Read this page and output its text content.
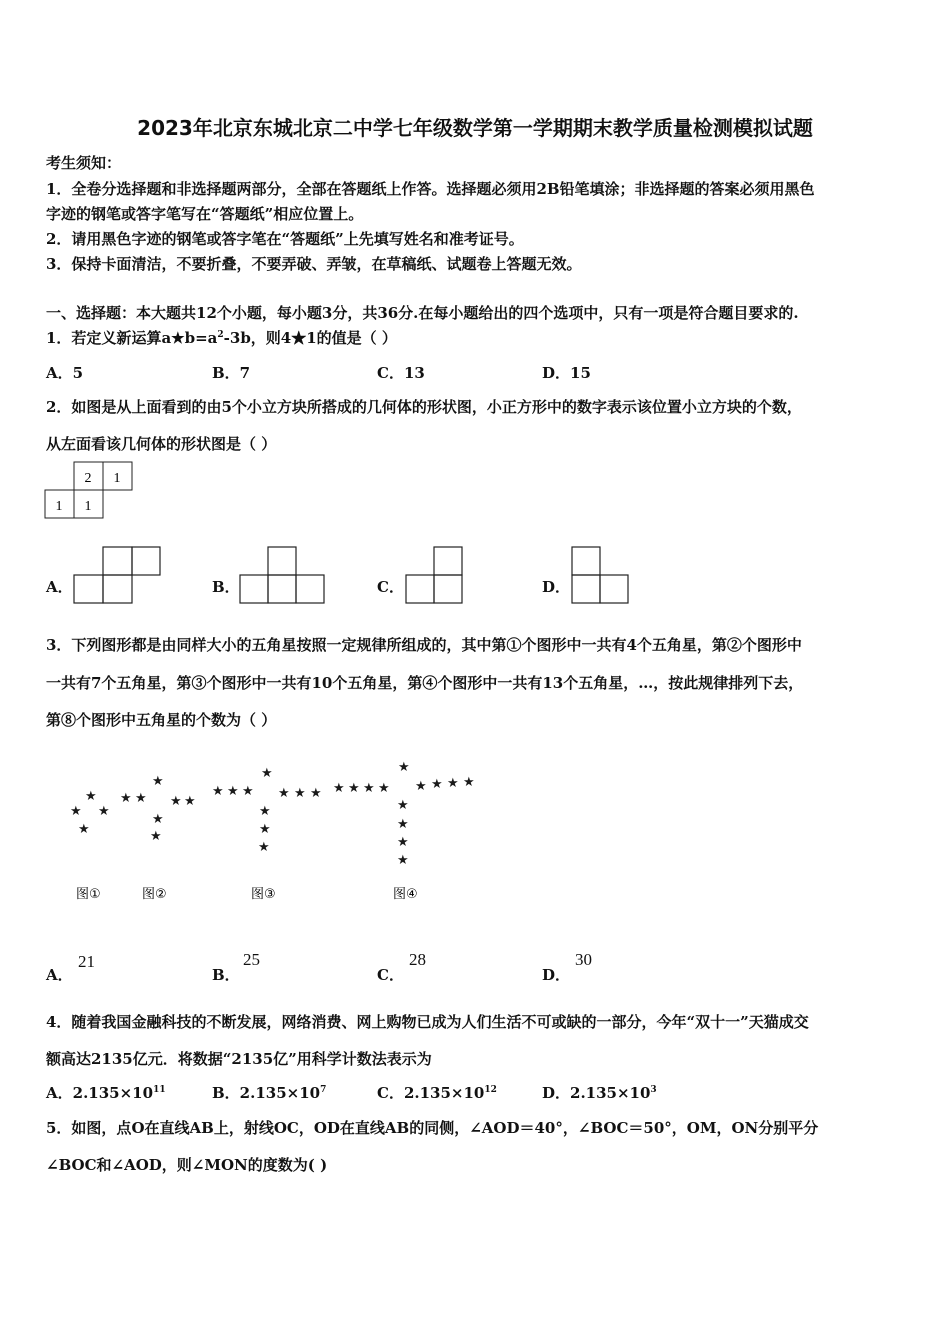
2023年北京东城北京二中学七年级数学第一学期期末教学质量检测模拟试题
考生须知：
1．全卷分选择题和非选择题两部分，全部在答题纸上作答。选择题必须用2B铅笔填涂；非选择题的答案必须用黑色
字迹的钢笔或答字笔写在“答题纸”相应位置上。
2．请用黑色字迹的钢笔或答字笔在“答题纸”上先填写姓名和准考证号。
3．保持卡面清洁，不要折叠，不要弄破、弄皱，在草稿纸、试题卷上答题无效。
一、选择题：本大题共12个小题，每小题3分，共36分.在每小题给出的四个选项中，只有一项是符合题目要求的.
1．若定义新运算$a★b=a^2-3b$，则4★1的值是（ ）
A．5	B．7	C．13	D．15
2．如图是从上面看到的由5个小立方块所搭成的几何体的形状图，小正方形中的数字表示该位置小立方块的个数，
从左面看该几何体的形状图是（ ）
2 1
1 1
★
★
★
★
★ ★
★
★ ★
★
★
★ ★ ★
★
★ ★ ★
★
★
★
★ ★ ★ ★
★
★ ★ ★ ★
★
★
★
★
图①	图②	图③	图④
A．	B．	C．	D．
3．下列图形都是由同样大小的五角星按照一定规律所组成的，其中第①个图形中一共有4个五角星，第②个图形中
一共有7个五角星，第③个图形中一共有10个五角星，第④个图形中一共有13个五角星，…，按此规律排列下去，
第⑧个图形中五角星的个数为（ ）
A．
21
B．
25
C．
28
D．
30
4．随着我国金融科技的不断发展，网络消费、网上购物已成为人们生活不可或缺的一部分，今年“双十一”天猫成交
额高达2135亿元．将数据“2135亿”用科学计数法表示为
A．$2.135\times 10^{11}$	B．$2.135\times 10^7$	C．$2.135\times 10^{12}$	D．$2.135\times 10^3$
5．如图，点O在直线AB上，射线OC，OD在直线AB的同侧，∠AOD＝40°，∠BOC＝50°，OM，ON分别平分
∠BOC和∠AOD，则∠MON的度数为( )
